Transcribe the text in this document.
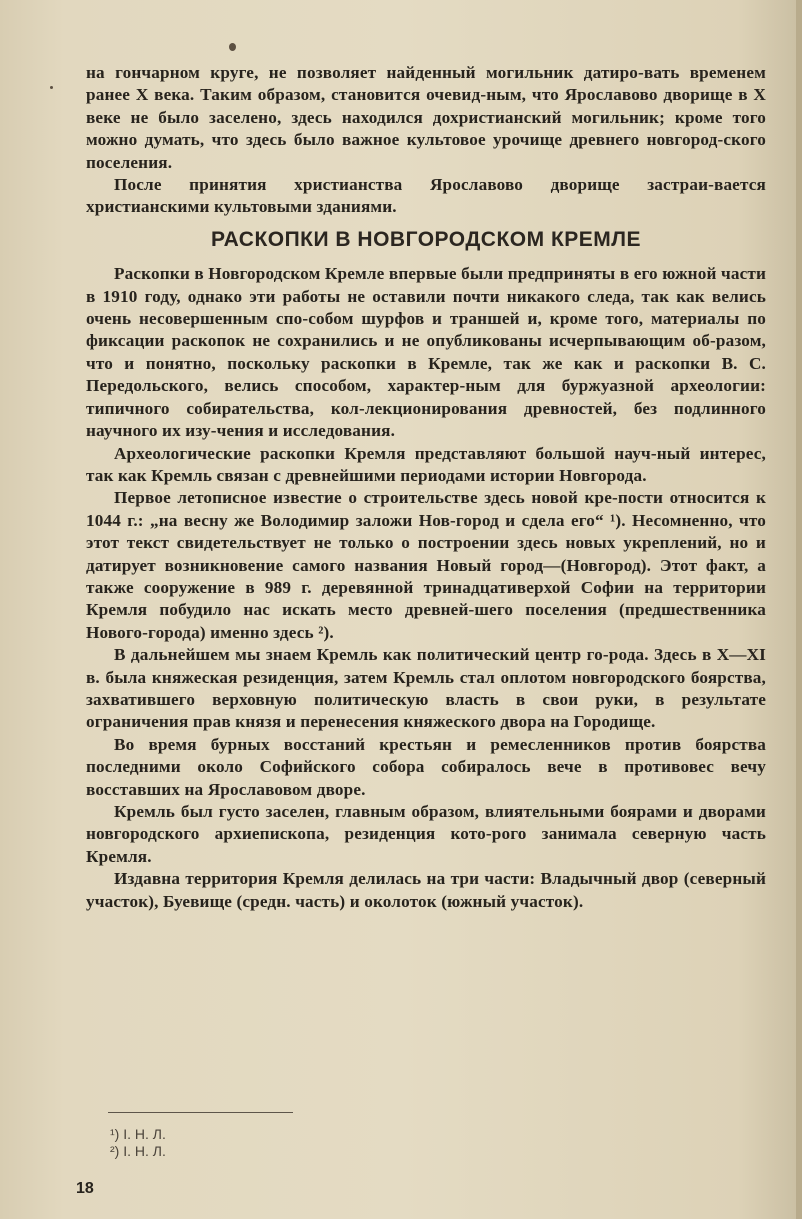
на гончарном круге, не позволяет найденный могильник датиро-вать временем ранее X века. Таким образом, становится очевид-ным, что Ярославово дворище в X веке не было заселено, здесь находился дохристианский могильник; кроме того можно думать, что здесь было важное культовое урочище древнего новгород-ского поселения.

После принятия христианства Ярославово дворище застраи-вается христианскими культовыми зданиями.

РАСКОПКИ В НОВГОРОДСКОМ КРЕМЛЕ

Раскопки в Новгородском Кремле впервые были предприняты в его южной части в 1910 году, однако эти работы не оставили почти никакого следа, так как велись очень несовершенным спо-собом шурфов и траншей и, кроме того, материалы по фиксации раскопок не сохранились и не опубликованы исчерпывающим об-разом, что и понятно, поскольку раскопки в Кремле, так же как и раскопки В. С. Передольского, велись способом, характер-ным для буржуазной археологии: типичного собирательства, кол-лекционирования древностей, без подлинного научного их изу-чения и исследования.

Археологические раскопки Кремля представляют большой науч-ный интерес, так как Кремль связан с древнейшими периодами истории Новгорода.

Первое летописное известие о строительстве здесь новой кре-пости относится к 1044 г.: „на весну же Володимир заложи Нов-город и сдела его“ ¹). Несомненно, что этот текст свидетельствует не только о построении здесь новых укреплений, но и датирует возникновение самого названия Новый город—(Новгород). Этот факт, а также сооружение в 989 г. деревянной тринадцативерхой Софии на территории Кремля побудило нас искать место древней-шего поселения (предшественника Нового-города) именно здесь ²).

В дальнейшем мы знаем Кремль как политический центр го-рода. Здесь в X—XI в. была княжеская резиденция, затем Кремль стал оплотом новгородского боярства, захватившего верховную политическую власть в свои руки, в результате ограничения прав князя и перенесения княжеского двора на Городище.

Во время бурных восстаний крестьян и ремесленников против боярства последними около Софийского собора собиралось вече в противовес вечу восставших на Ярославовом дворе.

Кремль был густо заселен, главным образом, влиятельными боярами и дворами новгородского архиепископа, резиденция кото-рого занимала северную часть Кремля.

Издавна территория Кремля делилась на три части: Владычный двор (северный участок), Буевище (средн. часть) и околоток (южный участок).

¹) I. Н. Л.
²) I. Н. Л.
18
